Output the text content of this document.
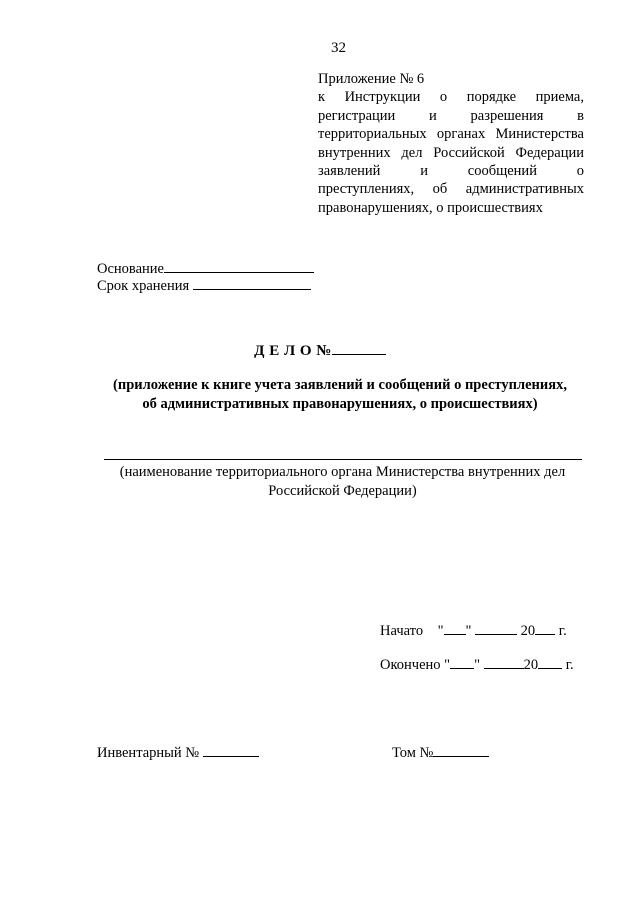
32
Приложение № 6
к Инструкции о порядке приема,
регистрации и разрешения в
территориальных органах Министерства
внутренних дел Российской Федерации
заявлений и сообщений о
преступлениях, об административных
правонарушениях, о происшествиях
Основание
Срок хранения
Д Е Л О №
(приложение к книге учета заявлений и сообщений о преступлениях,
об административных правонарушениях, о происшествиях)
(наименование территориального органа Министерства внутренних дел
Российской Федерации)
Начато    " "	20 г.
Окончено " "	20 г.
Инвентарный №	Том №
